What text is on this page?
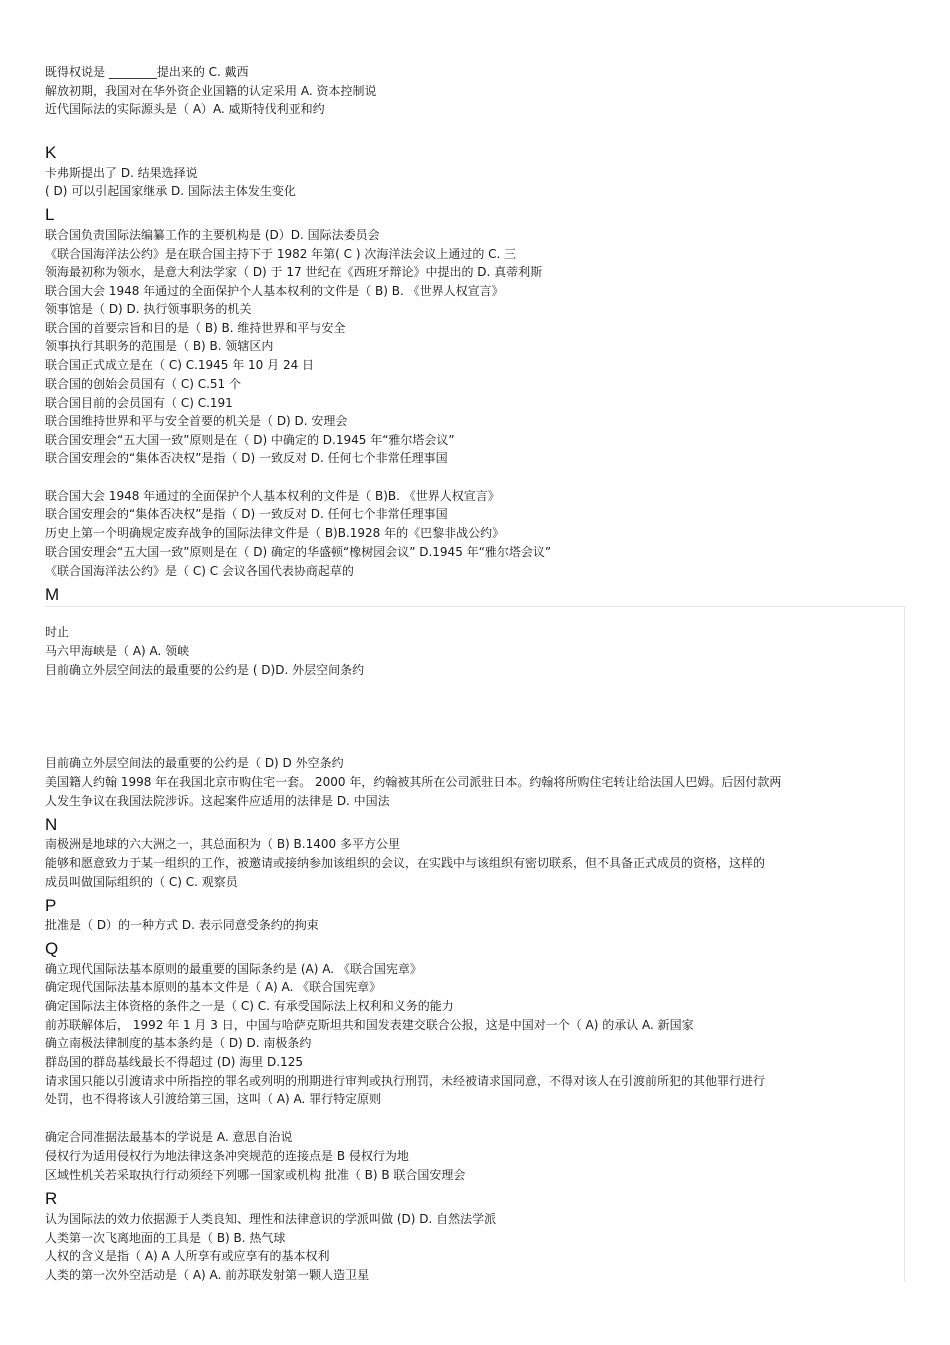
既得权说是 ________提出来的 C. 戴西
解放初期，我国对在华外资企业国籍的认定采用 A. 资本控制说
近代国际法的实际源头是（ A）A. 威斯特伐利亚和约
K
卡弗斯提出了 D. 结果选择说
( D) 可以引起国家继承 D. 国际法主体发生变化
L
联合国负责国际法编纂工作的主要机构是 (D）D. 国际法委员会
《联合国海洋法公约》是在联合国主持下于 1982 年第( C ) 次海洋法会议上通过的 C. 三
领海最初称为领水，是意大利法学家（ D) 于 17 世纪在《西班牙辩论》中提出的 D. 真蒂利斯
联合国大会 1948 年通过的全面保护个人基本权利的文件是（ B) B. 《世界人权宣言》
领事馆是（ D) D. 执行领事职务的机关
联合国的首要宗旨和目的是（ B) B. 维持世界和平与安全
领事执行其职务的范围是（ B) B. 领辖区内
联合国正式成立是在（ C) C.1945 年 10 月 24 日
联合国的创始会员国有（ C) C.51 个
联合国目前的会员国有（ C) C.191
联合国维持世界和平与安全首要的机关是（ D) D. 安理会
联合国安理会“五大国一致”原则是在（ D) 中确定的 D.1945 年“雅尔塔会议”
联合国安理会的“集体否决权”是指（ D) 一致反对 D. 任何七个非常任理事国
联合国大会 1948 年通过的全面保护个人基本权利的文件是（ B)B. 《世界人权宣言》
联合国安理会的“集体否决权”是指（ D) 一致反对 D. 任何七个非常任理事国
历史上第一个明确规定废弃战争的国际法律文件是（ B)B.1928 年的《巴黎非战公约》
联合国安理会“五大国一致”原则是在（ D) 确定的华盛顿“橡树园会议” D.1945 年“雅尔塔会议”
《联合国海洋法公约》是（ C) C 会议各国代表协商起草的
M
时止
马六甲海峡是（ A) A. 领峡
目前确立外层空间法的最重要的公约是 ( D)D. 外层空间条约
目前确立外层空间法的最重要的公约是（ D) D 外空条约
美国籍人约翰 1998 年在我国北京市购住宅一套。 2000 年，约翰被其所在公司派驻日本。约翰将所购住宅转让给法国人巴姆。后因付款两
人发生争议在我国法院涉诉。这起案件应适用的法律是 D. 中国法
N
南极洲是地球的六大洲之一，其总面积为（ B) B.1400 多平方公里
能够和愿意致力于某一组织的工作，被邀请或接纳参加该组织的会议，在实践中与该组织有密切联系，但不具备正式成员的资格，这样的
成员叫做国际组织的（ C) C. 观察员
P
批准是（ D）的一种方式 D. 表示同意受条约的拘束
Q
确立现代国际法基本原则的最重要的国际条约是 (A) A. 《联合国宪章》
确定现代国际法基本原则的基本文件是（ A) A. 《联合国宪章》
确定国际法主体资格的条件之一是（ C) C. 有承受国际法上权利和义务的能力
前苏联解体后， 1992 年 1 月 3 日，中国与哈萨克斯坦共和国发表建交联合公报，这是中国对一个（ A) 的承认 A. 新国家
确立南极法律制度的基本条约是（ D) D. 南极条约
群岛国的群岛基线最长不得超过 (D) 海里 D.125
请求国只能以引渡请求中所指控的罪名或列明的刑期进行审判或执行刑罚，未经被请求国同意，不得对该人在引渡前所犯的其他罪行进行
处罚，也不得将该人引渡给第三国，这叫（ A) A. 罪行特定原则
确定合同准据法最基本的学说是 A. 意思自治说
侵权行为适用侵权行为地法律这条冲突规范的连接点是 B 侵权行为地
区域性机关若采取执行行动须经下列哪一国家或机构 批准（ B) B 联合国安理会
R
认为国际法的效力依据源于人类良知、理性和法律意识的学派叫做 (D) D. 自然法学派
人类第一次飞离地面的工具是（ B) B. 热气球
人权的含义是指（ A) A 人所享有或应享有的基本权利
人类的第一次外空活动是（ A) A. 前苏联发射第一颗人造卫星
